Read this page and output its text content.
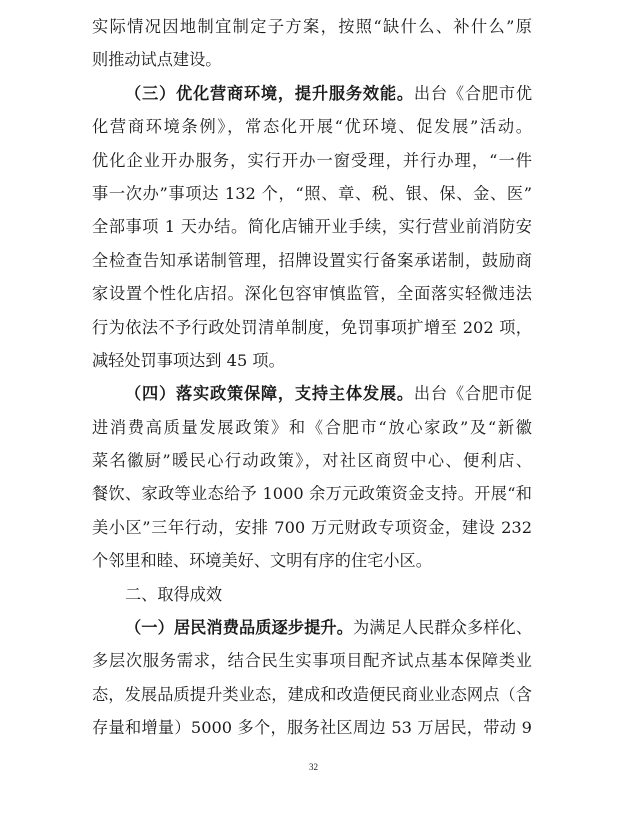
实际情况因地制宜制定子方案，按照“缺什么、补什么”原
则推动试点建设。
（三）优化营商环境，提升服务效能。出台《合肥市优
化营商环境条例》，常态化开展“优环境、促发展”活动。
优化企业开办服务，实行开办一窗受理，并行办理，“一件
事一次办”事项达 132 个，“照、章、税、银、保、金、医”
全部事项 1 天办结。简化店铺开业手续，实行营业前消防安
全检查告知承诺制管理，招牌设置实行备案承诺制，鼓励商
家设置个性化店招。深化包容审慎监管，全面落实轻微违法
行为依法不予行政处罚清单制度，免罚事项扩增至 202 项，
减轻处罚事项达到 45 项。
（四）落实政策保障，支持主体发展。出台《合肥市促
进消费高质量发展政策》和《合肥市“放心家政”及“新徽
菜名徽厨”暖民心行动政策》，对社区商贸中心、便利店、
餐饮、家政等业态给予 1000 余万元政策资金支持。开展“和
美小区”三年行动，安排 700 万元财政专项资金，建设 232
个邻里和睦、环境美好、文明有序的住宅小区。
二、取得成效
（一）居民消费品质逐步提升。为满足人民群众多样化、
多层次服务需求，结合民生实事项目配齐试点基本保障类业
态，发展品质提升类业态，建成和改造便民商业业态网点（含
存量和增量）5000 多个，服务社区周边 53 万居民，带动 9
32
